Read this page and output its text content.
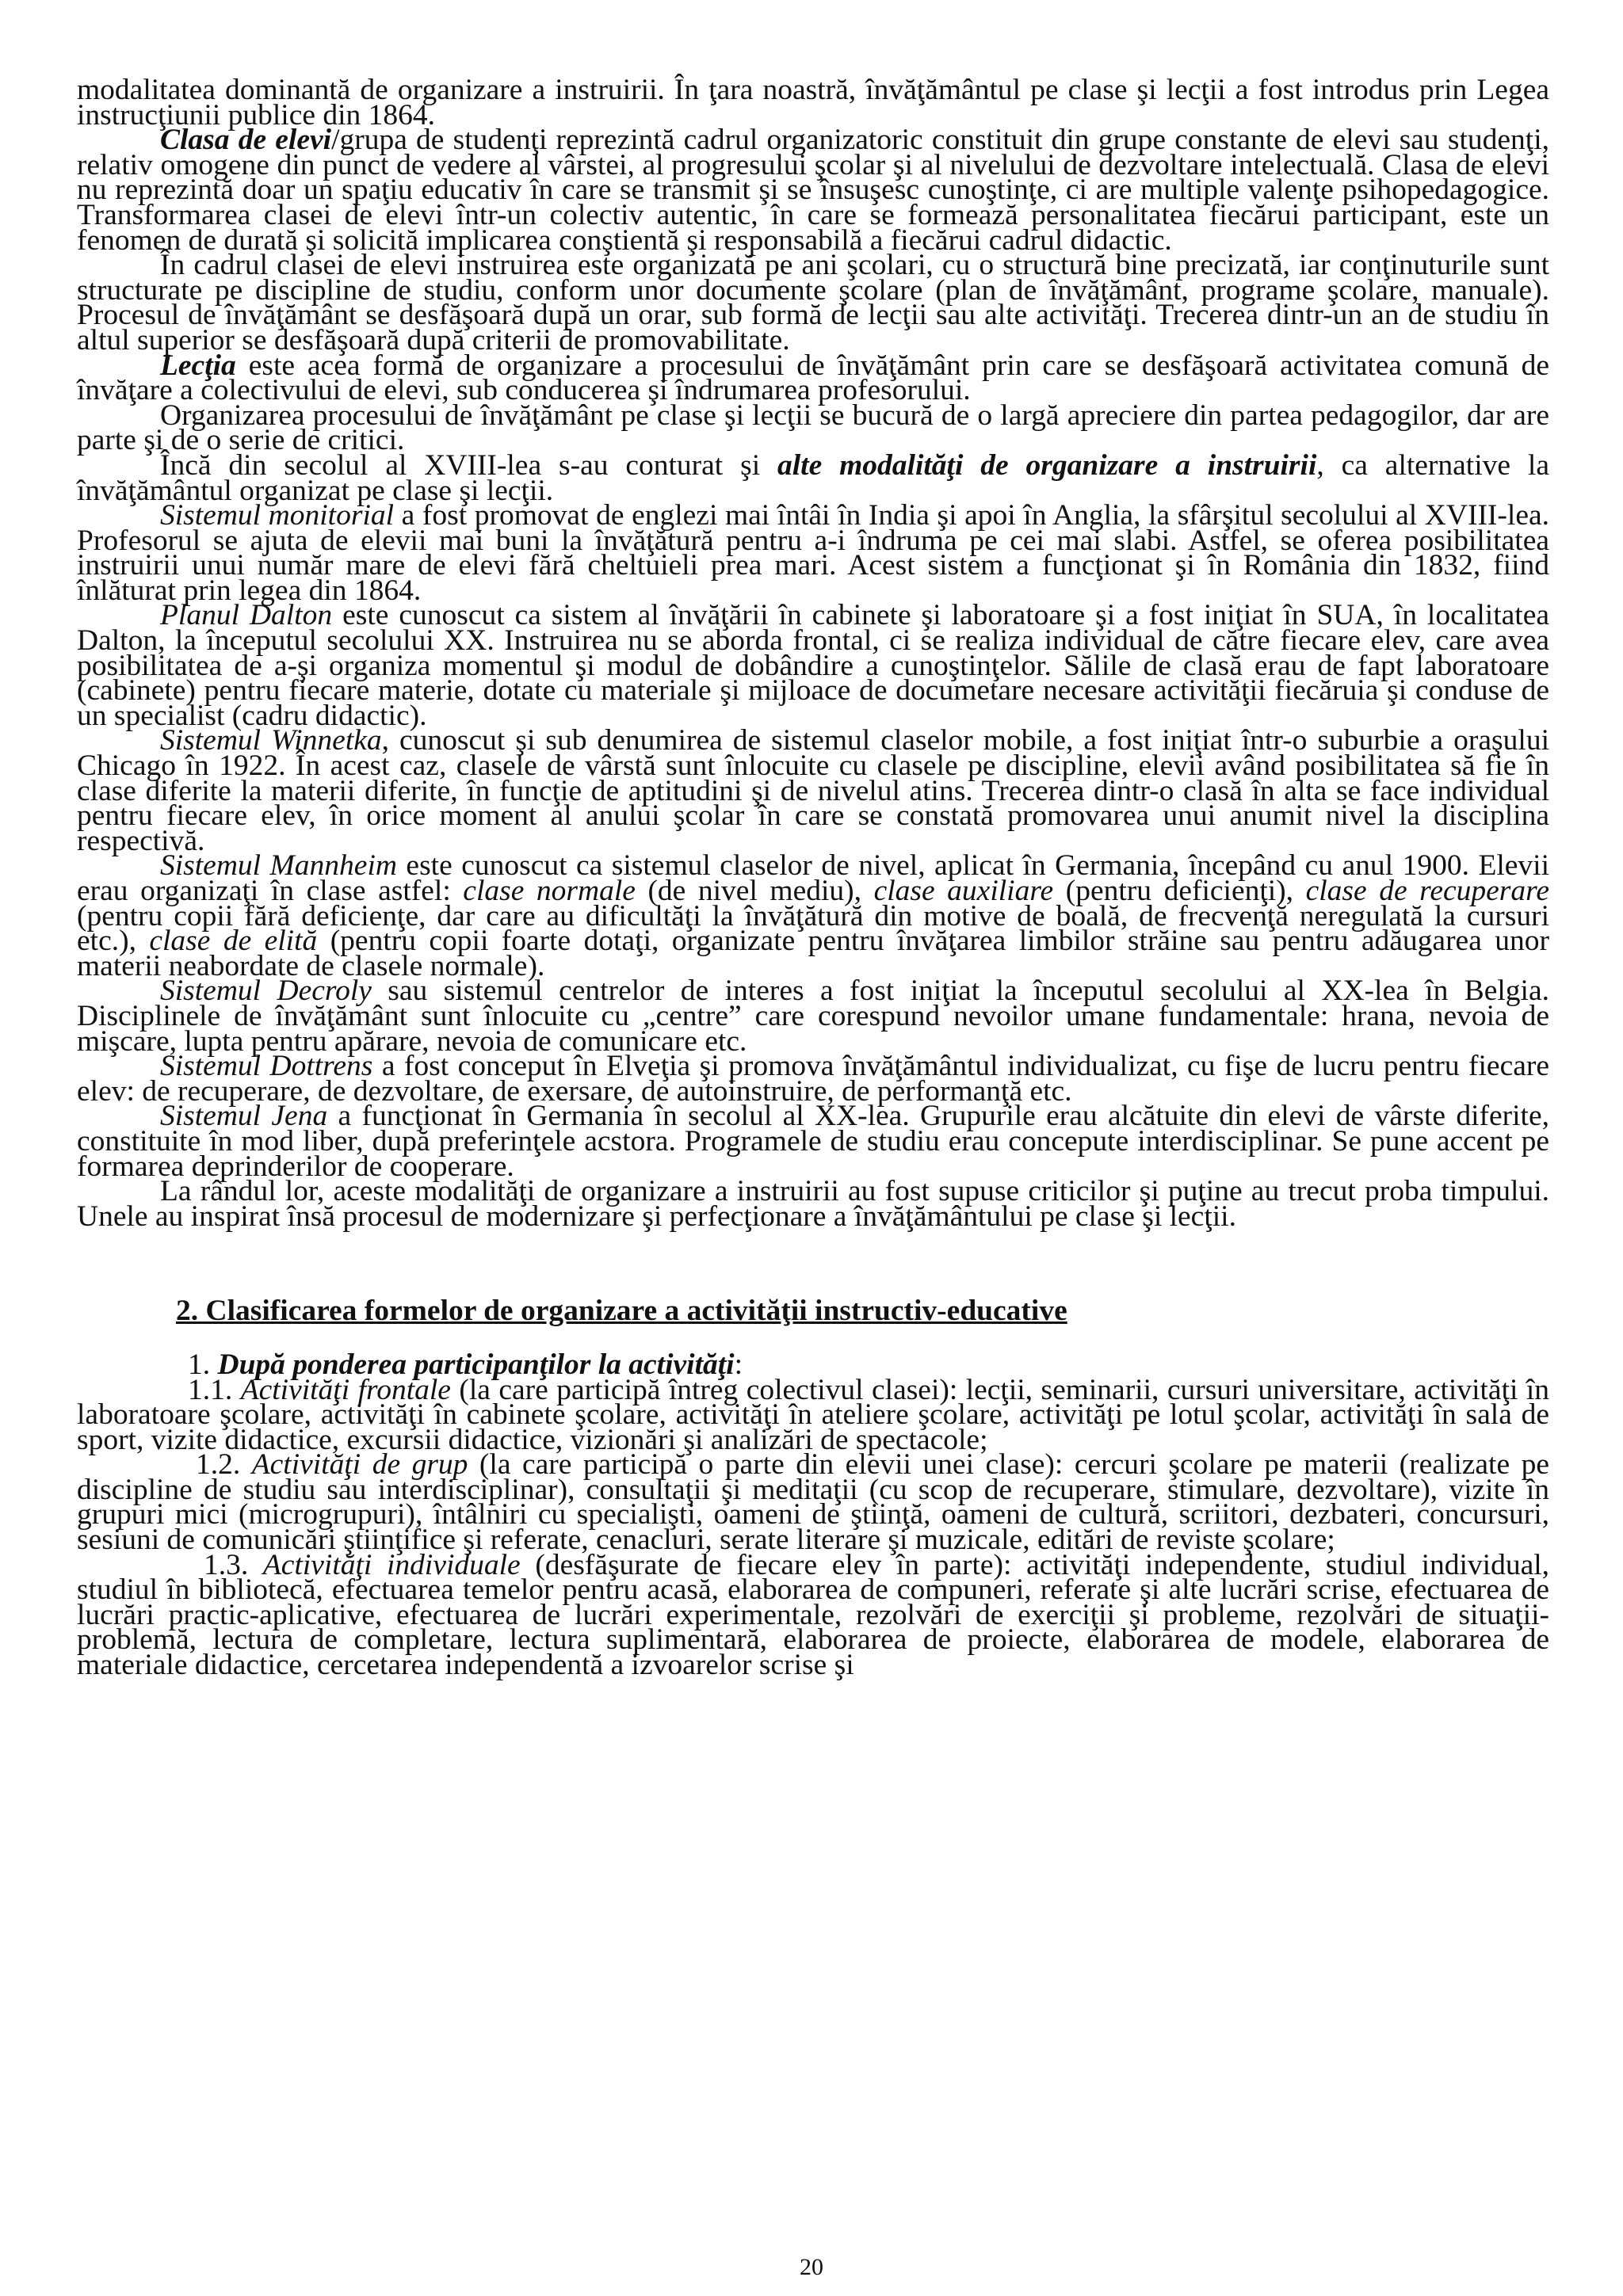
modalitatea dominantă de organizare a instruirii. În ţara noastră, învăţământul pe clase şi lecţii a fost introdus prin Legea instrucţiunii publice din 1864.

Clasa de elevi/grupa de studenţi reprezintă cadrul organizatoric constituit din grupe constante de elevi sau studenţi, relativ omogene din punct de vedere al vârstei, al progresului şcolar şi al nivelului de dezvoltare intelectuală. Clasa de elevi nu reprezintă doar un spaţiu educativ în care se transmit şi se însuşesc cunoştinţe, ci are multiple valenţe psihopedagogice. Transformarea clasei de elevi într-un colectiv autentic, în care se formează personalitatea fiecărui participant, este un fenomen de durată şi solicită implicarea conştientă şi responsabilă a fiecărui cadrul didactic.

În cadrul clasei de elevi instruirea este organizată pe ani şcolari, cu o structură bine precizată, iar conţinuturile sunt structurate pe discipline de studiu, conform unor documente şcolare (plan de învăţământ, programe şcolare, manuale). Procesul de învăţământ se desfăşoară după un orar, sub formă de lecţii sau alte activităţi. Trecerea dintr-un an de studiu în altul superior se desfăşoară după criterii de promovabilitate.

Lecţia este acea formă de organizare a procesului de învăţământ prin care se desfăşoară activitatea comună de învăţare a colectivului de elevi, sub conducerea şi îndrumarea profesorului.

Organizarea procesului de învăţământ pe clase şi lecţii se bucură de o largă apreciere din partea pedagogilor, dar are parte şi de o serie de critici.

Încă din secolul al XVIII-lea s-au conturat şi alte modalităţi de organizare a instruirii, ca alternative la învăţământul organizat pe clase şi lecţii.

Sistemul monitorial a fost promovat de englezi mai întâi în India şi apoi în Anglia, la sfârşitul secolului al XVIII-lea. Profesorul se ajuta de elevii mai buni la învăţătură pentru a-i îndruma pe cei mai slabi. Astfel, se oferea posibilitatea instruirii unui număr mare de elevi fără cheltuieli prea mari. Acest sistem a funcţionat şi în România din 1832, fiind înlăturat prin legea din 1864.

Planul Dalton este cunoscut ca sistem al învăţării în cabinete şi laboratoare şi a fost iniţiat în SUA, în localitatea Dalton, la începutul secolului XX. Instruirea nu se aborda frontal, ci se realiza individual de către fiecare elev, care avea posibilitatea de a-şi organiza momentul şi modul de dobândire a cunoştinţelor. Sălile de clasă erau de fapt laboratoare (cabinete) pentru fiecare materie, dotate cu materiale şi mijloace de documetare necesare activităţii fiecăruia şi conduse de un specialist (cadru didactic).

Sistemul Winnetka, cunoscut şi sub denumirea de sistemul claselor mobile, a fost iniţiat într-o suburbie a oraşului Chicago în 1922. În acest caz, clasele de vârstă sunt înlocuite cu clasele pe discipline, elevii având posibilitatea să fie în clase diferite la materii diferite, în funcţie de aptitudini şi de nivelul atins. Trecerea dintr-o clasă în alta se face individual pentru fiecare elev, în orice moment al anului şcolar în care se constată promovarea unui anumit nivel la disciplina respectivă.

Sistemul Mannheim este cunoscut ca sistemul claselor de nivel, aplicat în Germania, începând cu anul 1900. Elevii erau organizaţi în clase astfel: clase normale (de nivel mediu), clase auxiliare (pentru deficienţi), clase de recuperare (pentru copii fără deficienţe, dar care au dificultăţi la învăţătură din motive de boală, de frecvenţă neregulată la cursuri etc.), clase de elită (pentru copii foarte dotaţi, organizate pentru învăţarea limbilor străine sau pentru adăugarea unor materii neabordate de clasele normale).

Sistemul Decroly sau sistemul centrelor de interes a fost iniţiat la începutul secolului al XX-lea în Belgia. Disciplinele de învăţământ sunt înlocuite cu „centre” care corespund nevoilor umane fundamentale: hrana, nevoia de mişcare, lupta pentru apărare, nevoia de comunicare etc.

Sistemul Dottrens a fost conceput în Elveţia şi promova învăţământul individualizat, cu fişe de lucru pentru fiecare elev: de recuperare, de dezvoltare, de exersare, de autoinstruire, de performanţă etc.

Sistemul Jena a funcţionat în Germania în secolul al XX-lea. Grupurile erau alcătuite din elevi de vârste diferite, constituite în mod liber, după preferinţele acstora. Programele de studiu erau concepute interdisciplinar. Se pune accent pe formarea deprinderilor de cooperare.

La rândul lor, aceste modalităţi de organizare a instruirii au fost supuse criticilor şi puţine au trecut proba timpului. Unele au inspirat însă procesul de modernizare şi perfecţionare a învăţământului pe clase şi lecţii.

2. Clasificarea formelor de organizare a activităţii instructiv-educative

1. După ponderea participanţilor la activităţi:

1.1. Activităţi frontale (la care participă întreg colectivul clasei): lecţii, seminarii, cursuri universitare, activităţi în laboratoare şcolare, activităţi în cabinete şcolare, activităţi în ateliere şcolare, activităţi pe lotul şcolar, activităţi în sala de sport, vizite didactice, excursii didactice, vizionări şi analizări de spectacole;

1.2. Activităţi de grup (la care participă o parte din elevii unei clase): cercuri şcolare pe materii (realizate pe discipline de studiu sau interdisciplinar), consultaţii şi meditaţii (cu scop de recuperare, stimulare, dezvoltare), vizite în grupuri mici (microgrupuri), întâlniri cu specialişti, oameni de ştiinţă, oameni de cultură, scriitori, dezbateri, concursuri, sesiuni de comunicări ştiinţifice şi referate, cenacluri, serate literare şi muzicale, editări de reviste şcolare;

1.3. Activităţi individuale (desfăşurate de fiecare elev în parte): activităţi independente, studiul individual, studiul în bibliotecă, efectuarea temelor pentru acasă, elaborarea de compuneri, referate şi alte lucrări scrise, efectuarea de lucrări practic-aplicative, efectuarea de lucrări experimentale, rezolvări de exerciţii şi probleme, rezolvări de situaţii-problemă, lectura de completare, lectura suplimentară, elaborarea de proiecte, elaborarea de modele, elaborarea de materiale didactice, cercetarea independentă a izvoarelor scrise şi

20
